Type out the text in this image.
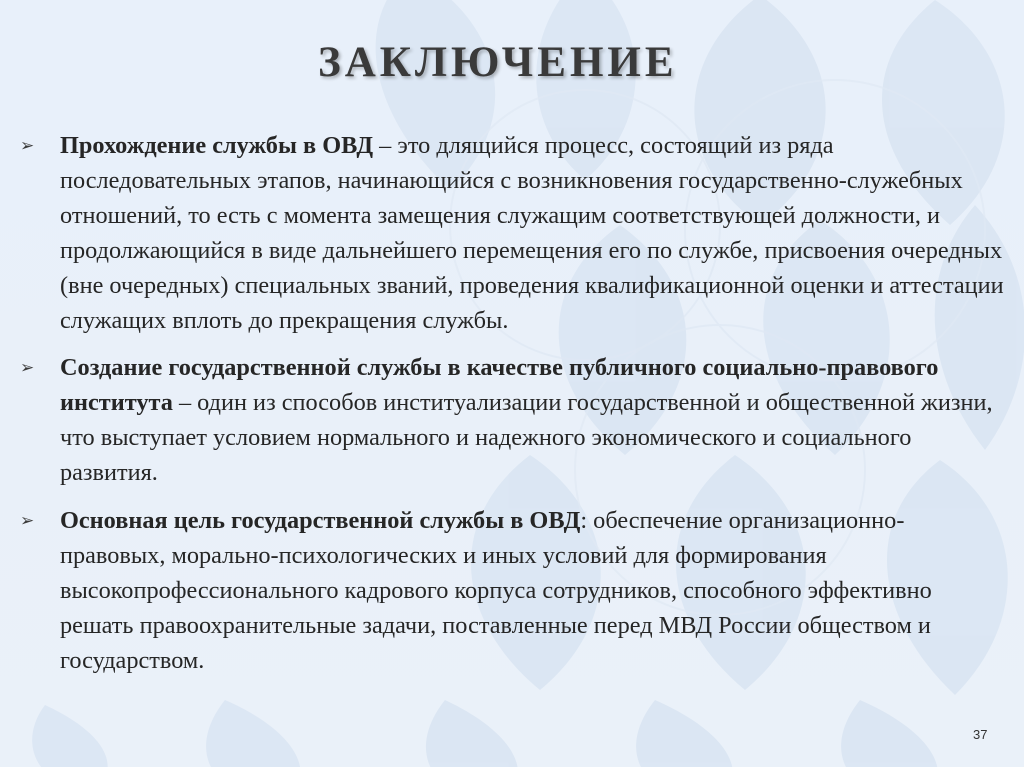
ЗАКЛЮЧЕНИЕ
➢ Прохождение службы в ОВД – это длящийся процесс, состоящий из ряда последовательных этапов, начинающийся с возникновения государственно-служебных отношений, то есть с момента замещения служащим соответствующей должности, и продолжающийся в виде дальнейшего перемещения его по службе, присвоения очередных (вне очередных) специальных званий, проведения квалификационной оценки и аттестации служащих вплоть до прекращения службы.
➢ Создание государственной службы в качестве публичного социально-правового института – один из способов институализации государственной и общественной жизни, что выступает условием нормального и надежного экономического и социального развития.
➢ Основная цель государственной службы в ОВД: обеспечение организационно-правовых, морально-психологических и иных условий для формирования высокопрофессионального кадрового корпуса сотрудников, способного эффективно решать правоохранительные задачи, поставленные перед МВД России обществом и государством.
37
